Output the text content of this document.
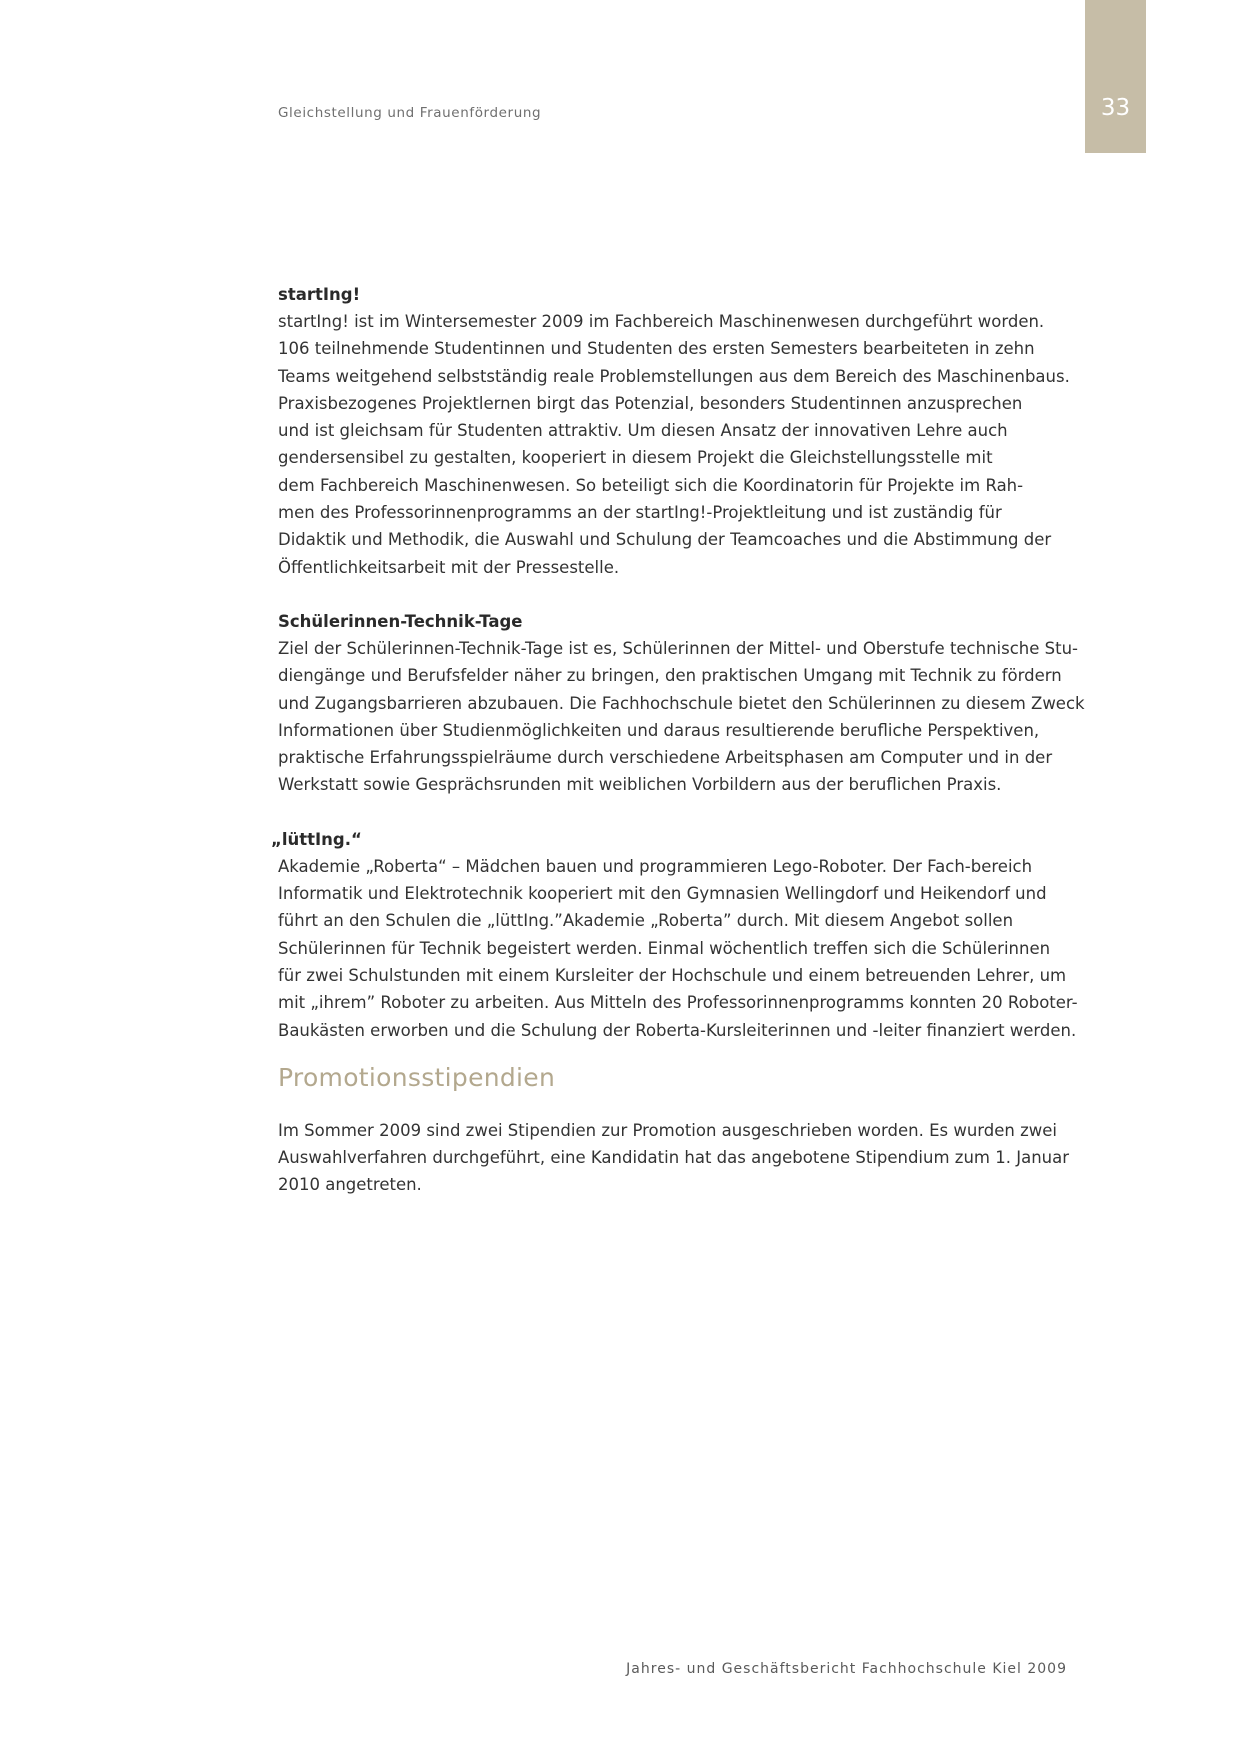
33
Gleichstellung und Frauenförderung
startIng!

startIng! ist im Wintersemester 2009 im Fachbereich Maschinenwesen durchgeführt worden.
106 teilnehmende Studentinnen und Studenten des ersten Semesters bearbeiteten in zehn
Teams weitgehend selbstständig reale Problemstellungen aus dem Bereich des Maschinenbaus.
Praxisbezogenes Projektlernen birgt das Potenzial, besonders Studentinnen anzusprechen
und ist gleichsam für Studenten attraktiv. Um diesen Ansatz der innovativen Lehre auch
gendersensibel zu gestalten, kooperiert in diesem Projekt die Gleichstellungsstelle mit
dem Fachbereich Maschinenwesen. So beteiligt sich die Koordinatorin für Projekte im Rah-
men des Professorinnenprogramms an der startIng!-Projektleitung und ist zuständig für
Didaktik und Methodik, die Auswahl und Schulung der Teamcoaches und die Abstimmung der
Öffentlichkeitsarbeit mit der Pressestelle.

Schülerinnen-Technik-Tage

Ziel der Schülerinnen-Technik-Tage ist es, Schülerinnen der Mittel- und Oberstufe technische Stu-
diengänge und Berufsfelder näher zu bringen, den praktischen Umgang mit Technik zu fördern
und Zugangsbarrieren abzubauen. Die Fachhochschule bietet den Schülerinnen zu diesem Zweck
Informationen über Studienmöglichkeiten und daraus resultierende berufliche Perspektiven,
praktische Erfahrungsspielräume durch verschiedene Arbeitsphasen am Computer und in der
Werkstatt sowie Gesprächsrunden mit weiblichen Vorbildern aus der beruflichen Praxis.

„lüttIng.“

Akademie „Roberta“ – Mädchen bauen und programmieren Lego-Roboter. Der Fach-bereich
Informatik und Elektrotechnik kooperiert mit den Gymnasien Wellingdorf und Heikendorf und
führt an den Schulen die „lüttIng.”Akademie „Roberta” durch. Mit diesem Angebot sollen
Schülerinnen für Technik begeistert werden. Einmal wöchentlich treffen sich die Schülerinnen
für zwei Schulstunden mit einem Kursleiter der Hochschule und einem betreuenden Lehrer, um
mit „ihrem” Roboter zu arbeiten. Aus Mitteln des Professorinnenprogramms konnten 20 Roboter-
Baukästen erworben und die Schulung der Roberta-Kursleiterinnen und -leiter finanziert werden.

Promotionsstipendien

Im Sommer 2009 sind zwei Stipendien zur Promotion ausgeschrieben worden. Es wurden zwei
Auswahlverfahren durchgeführt, eine Kandidatin hat das angebotene Stipendium zum 1. Januar
2010 angetreten.

Jahres- und Geschäftsbericht Fachhochschule Kiel 2009
